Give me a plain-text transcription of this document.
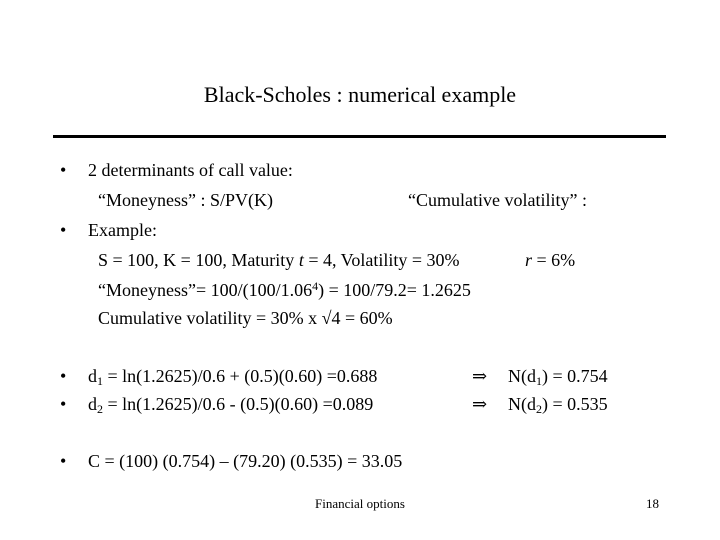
Black-Scholes : numerical example
• 2 determinants of call value:
“Moneyness” : S/PV(K)	“Cumulative volatility” :
• Example:
S = 100, K = 100, Maturity t = 4, Volatility = 30%	r = 6%
“Moneyness”= $100/(100/1.06^4) = 100/79.2= 1.2625$
Cumulative volatility = 30% x √4 = 60%
• $d_1 = \ln(1.2625)/0.6 + (0.5)(0.60) =0.688$	⇒ $N(d_1) = 0.754$
• $d_2 = \ln(1.2625)/0.6 - (0.5)(0.60) =0.089$	⇒ $N(d_2) = 0.535$
• C = (100) (0.754) – (79.20) (0.535) = 33.05
Financial options	18
